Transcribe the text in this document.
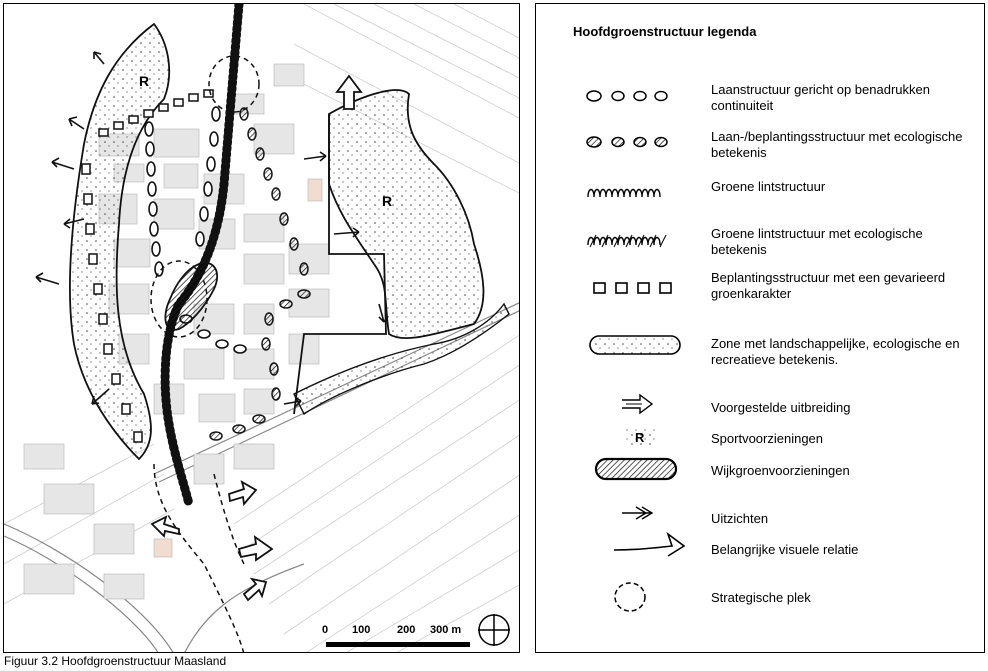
R
R
0 100 200 300 m
Hoofdgroenstructuur legenda
Laanstructuur gericht op benadrukken continuiteit
Laan-/beplantingsstructuur met ecologische betekenis
Groene lintstructuur
Groene lintstructuur met ecologische betekenis
Beplantingsstructuur met een gevarieerd groenkarakter
Zone met landschappelijke, ecologische en recreatieve betekenis.
Voorgestelde uitbreiding
R	Sportvoorzieningen
Wijkgroenvoorzieningen
Uitzichten
Belangrijke visuele relatie
Strategische plek
Figuur 3.2 Hoofdgroenstructuur Maasland
